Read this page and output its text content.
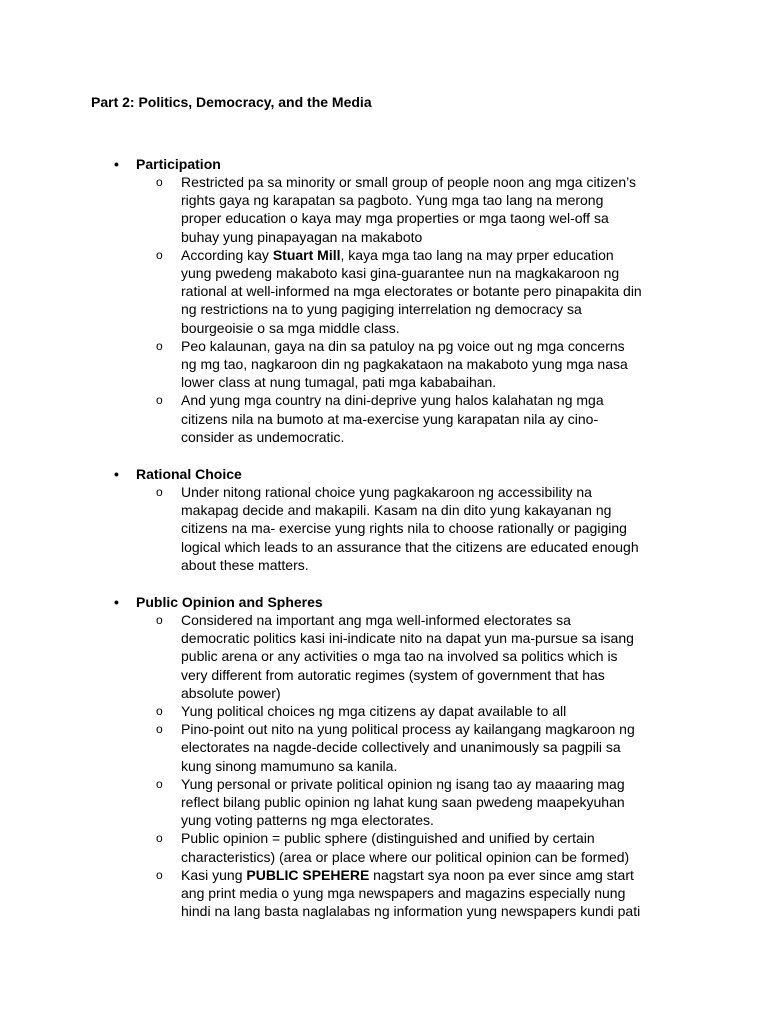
Part 2: Politics, Democracy, and the Media
• Participation
o Restricted pa sa minority or small group of people noon ang mga citizen’s
rights gaya ng karapatan sa pagboto. Yung mga tao lang na merong
proper education o kaya may mga properties or mga taong wel-off sa
buhay yung pinapayagan na makaboto
o According kay Stuart Mill, kaya mga tao lang na may prper education
yung pwedeng makaboto kasi gina-guarantee nun na magkakaroon ng
rational at well-informed na mga electorates or botante pero pinapakita din
ng restrictions na to yung pagiging interrelation ng democracy sa
bourgeoisie o sa mga middle class.
o Peo kalaunan, gaya na din sa patuloy na pg voice out ng mga concerns
ng mg tao, nagkaroon din ng pagkakataon na makaboto yung mga nasa
lower class at nung tumagal, pati mga kababaihan.
o And yung mga country na dini-deprive yung halos kalahatan ng mga
citizens nila na bumoto at ma-exercise yung karapatan nila ay cino-
consider as undemocratic.
• Rational Choice
o Under nitong rational choice yung pagkakaroon ng accessibility na
makapag decide and makapili. Kasam na din dito yung kakayanan ng
citizens na ma- exercise yung rights nila to choose rationally or pagiging
logical which leads to an assurance that the citizens are educated enough
about these matters.
• Public Opinion and Spheres
o Considered na important ang mga well-informed electorates sa
democratic politics kasi ini-indicate nito na dapat yun ma-pursue sa isang
public arena or any activities o mga tao na involved sa politics which is
very different from autoratic regimes (system of government that has
absolute power)
o Yung political choices ng mga citizens ay dapat available to all
o Pino-point out nito na yung political process ay kailangang magkaroon ng
electorates na nagde-decide collectively and unanimously sa pagpili sa
kung sinong mamumuno sa kanila.
o Yung personal or private political opinion ng isang tao ay maaaring mag
reflect bilang public opinion ng lahat kung saan pwedeng maapekyuhan
yung voting patterns ng mga electorates.
o Public opinion = public sphere (distinguished and unified by certain
characteristics) (area or place where our political opinion can be formed)
o Kasi yung PUBLIC SPEHERE nagstart sya noon pa ever since amg start
ang print media o yung mga newspapers and magazins especially nung
hindi na lang basta naglalabas ng information yung newspapers kundi pati
